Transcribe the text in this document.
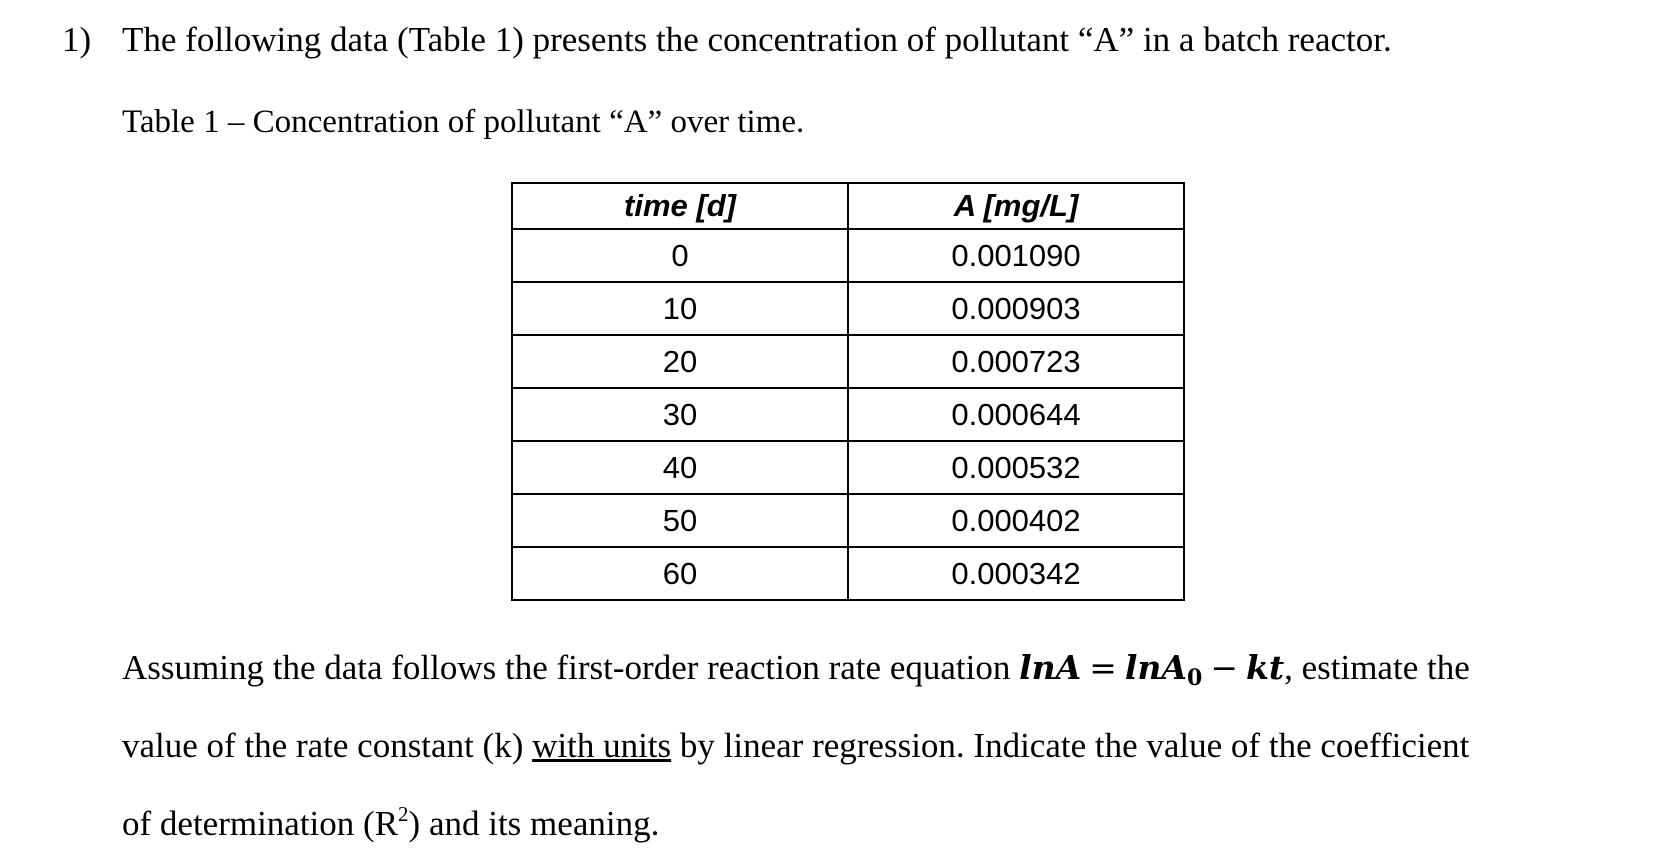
1) The following data (Table 1) presents the concentration of pollutant “A” in a batch reactor.
Table 1 – Concentration of pollutant “A” over time.
time [d]	A [mg/L]
0	0.001090
10	0.000903
20	0.000723
30	0.000644
40	0.000532
50	0.000402
60	0.000342
Assuming the data follows the first-order reaction rate equation lnA = lnA$_0$ − kt, estimate the
value of the rate constant (k) with units by linear regression. Indicate the value of the coefficient
of determination $(R^2)$ and its meaning.
